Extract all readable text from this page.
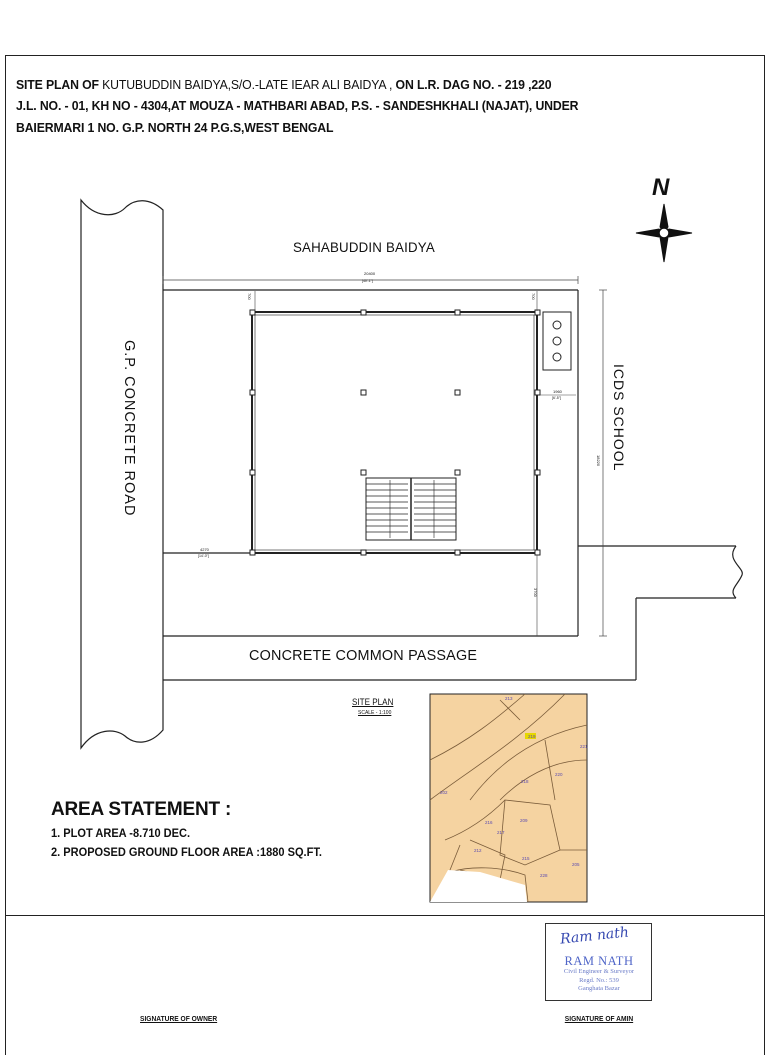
SITE PLAN OF KUTUBUDDIN BAIDYA,S/O.-LATE IEAR ALI BAIDYA , ON L.R. DAG NO. - 219 ,220
J.L. NO. - 01, KH NO - 4304,AT MOUZA - MATHBARI ABAD, P.S. - SANDESHKHALI (NAJAT), UNDER
BAIERMARI 1 NO. G.P. NORTH 24 P.G.S,WEST BENGAL
213
219
220
221
216
218
215
217
228
205
209
212
202
N
SAHABUDDIN BAIDYA
G.P. CONCRETE ROAD	ICDS SCHOOL
CONCRETE COMMON PASSAGE
20400
[40'-1"]
4270
[14'-0"]
1960
[6'-5"]
18220
3700
700	700
SITE PLAN
SCALE - 1:100
AREA STATEMENT :
1. PLOT AREA -8.710 DEC.
2. PROPOSED GROUND FLOOR AREA :1880 SQ.FT.
Ram nath
RAM NATH
Civil Engineer & Surveyor
Regd. No.: 539
Ganghata Bazar
SIGNATURE OF OWNER	SIGNATURE OF AMIN
